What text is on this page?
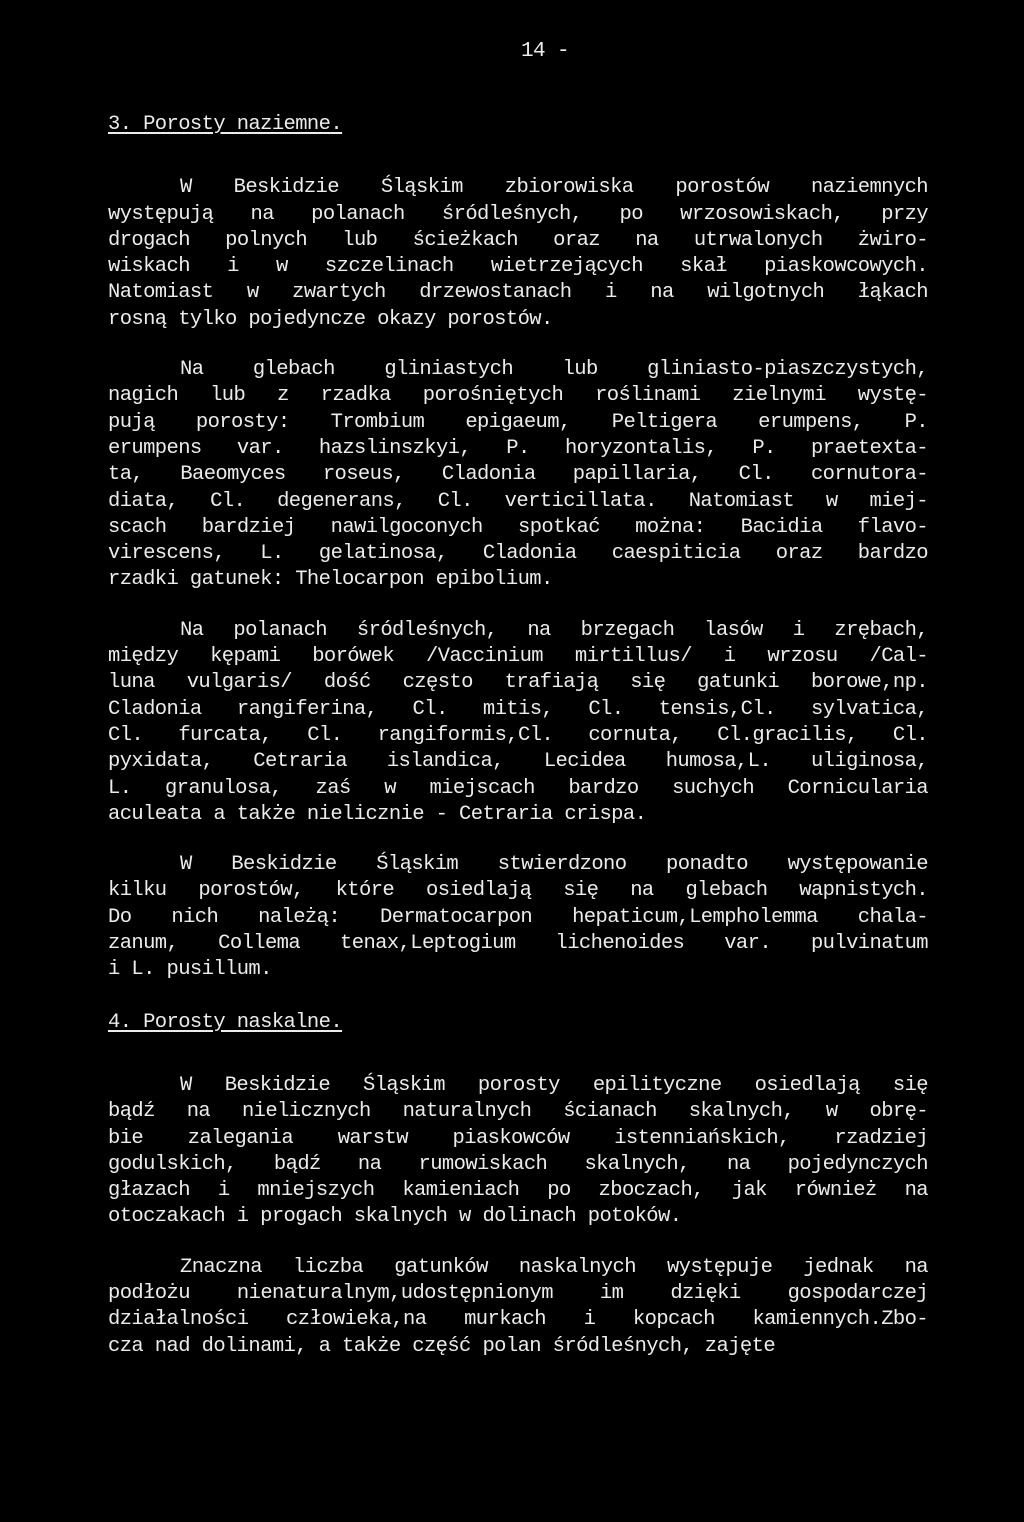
14 -
3. Porosty naziemne.
W Beskidzie Śląskim zbiorowiska porostów naziemnych
występują na polanach śródleśnych, po wrzosowiskach, przy
drogach polnych lub ścieżkach oraz na utrwalonych żwiro-
wiskach i w szczelinach wietrzejących skał piaskowcowych.
Natomiast w zwartych drzewostanach i na wilgotnych łąkach
rosną tylko pojedyncze okazy porostów.
Na glebach gliniastych lub gliniasto-piaszczystych,
nagich lub z rzadka porośniętych roślinami zielnymi wystę-
pują porosty: Trombium epigaeum, Peltigera erumpens, P.
erumpens var. hazslinszkyi, P. horyzontalis, P. praetexta-
ta, Baeomyces roseus, Cladonia papillaria, Cl. cornutora-
diata, Cl. degenerans, Cl. verticillata. Natomiast w miej-
scach bardziej nawilgoconych spotkać można: Bacidia flavo-
virescens, L. gelatinosa, Cladonia caespiticia oraz bardzo
rzadki gatunek: Thelocarpon epibolium.
Na polanach śródleśnych, na brzegach lasów i zrębach,
między kępami borówek /Vaccinium mirtillus/ i wrzosu /Cal-
luna vulgaris/ dość często trafiają się gatunki borowe,np.
Cladonia rangiferina, Cl. mitis, Cl. tensis,Cl. sylvatica,
Cl. furcata, Cl. rangiformis,Cl. cornuta, Cl.gracilis, Cl.
pyxidata, Cetraria islandica, Lecidea humosa,L. uliginosa,
L. granulosa, zaś w miejscach bardzo suchych Cornicularia
aculeata a także nielicznie - Cetraria crispa.
W Beskidzie Śląskim stwierdzono ponadto występowanie
kilku porostów, które osiedlają się na glebach wapnistych.
Do nich należą: Dermatocarpon hepaticum,Lempholemma chala-
zanum, Collema tenax,Leptogium lichenoides var. pulvinatum
i L. pusillum.
4. Porosty naskalne.
W Beskidzie Śląskim porosty epilityczne osiedlają się
bądź na nielicznych naturalnych ścianach skalnych, w obrę-
bie zalegania warstw piaskowców istenniańskich, rzadziej
godulskich, bądź na rumowiskach skalnych, na pojedynczych
głazach i mniejszych kamieniach po zboczach, jak również na
otoczakach i progach skalnych w dolinach potoków.
Znaczna liczba gatunków naskalnych występuje jednak na
podłożu nienaturalnym,udostępnionym im dzięki gospodarczej
działalności człowieka,na murkach i kopcach kamiennych.Zbo-
cza nad dolinami, a także część polan śródleśnych, zajęte
